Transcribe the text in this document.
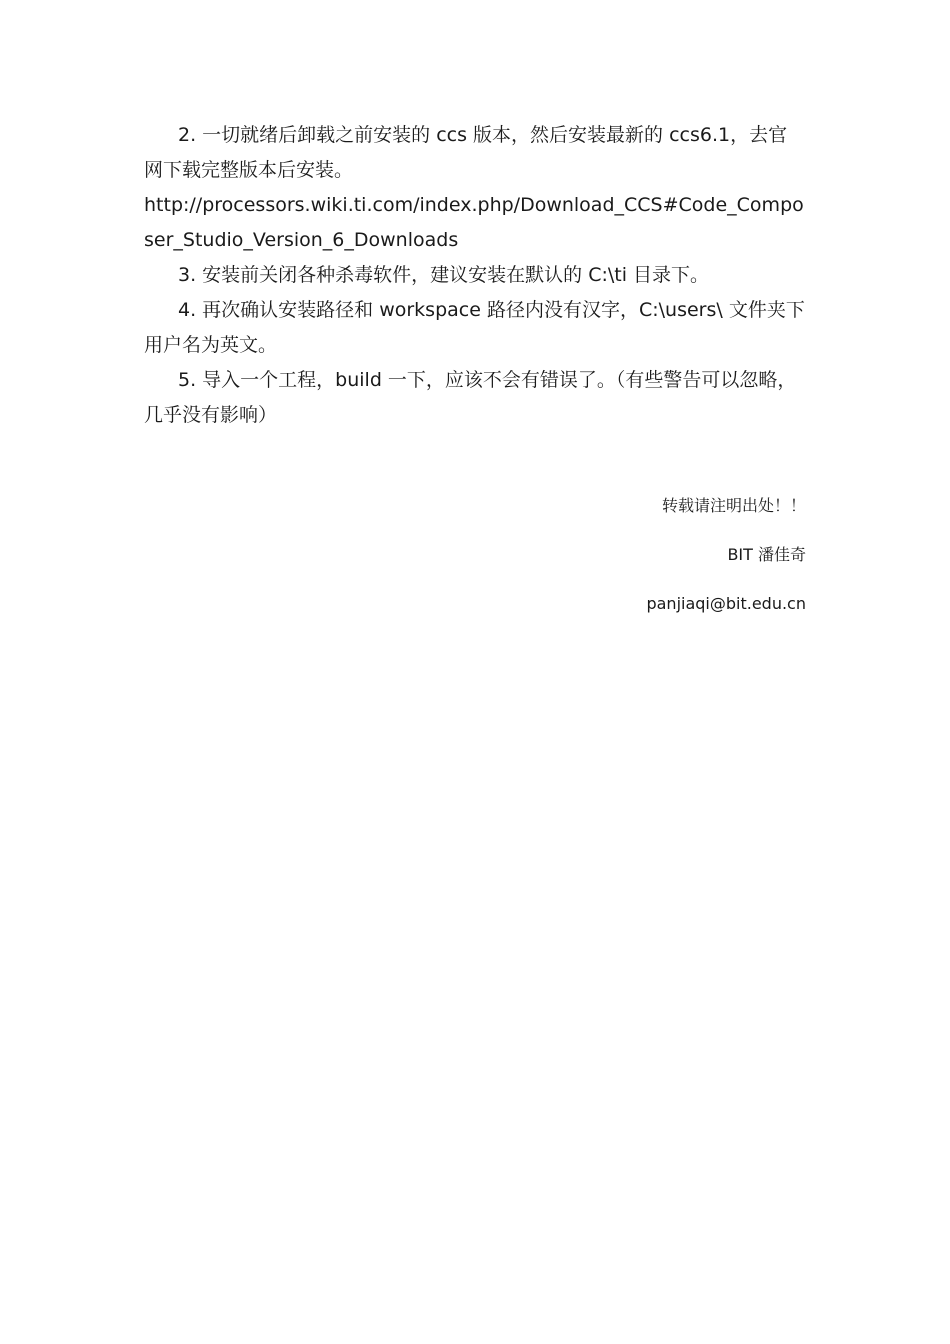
2. 一切就绪后卸载之前安装的 ccs 版本，然后安装最新的 ccs6.1，去官网下载完整版本后安装。

http://processors.wiki.ti.com/index.php/Download_CCS#Code_Composer_Studio_Version_6_Downloads

3. 安装前关闭各种杀毒软件，建议安装在默认的 C:\ti 目录下。

4. 再次确认安装路径和 workspace 路径内没有汉字，C:\users\ 文件夹下用户名为英文。

5. 导入一个工程，build 一下，应该不会有错误了。（有些警告可以忽略，几乎没有影响）

转载请注明出处！！
BIT 潘佳奇
panjiaqi@bit.edu.cn
